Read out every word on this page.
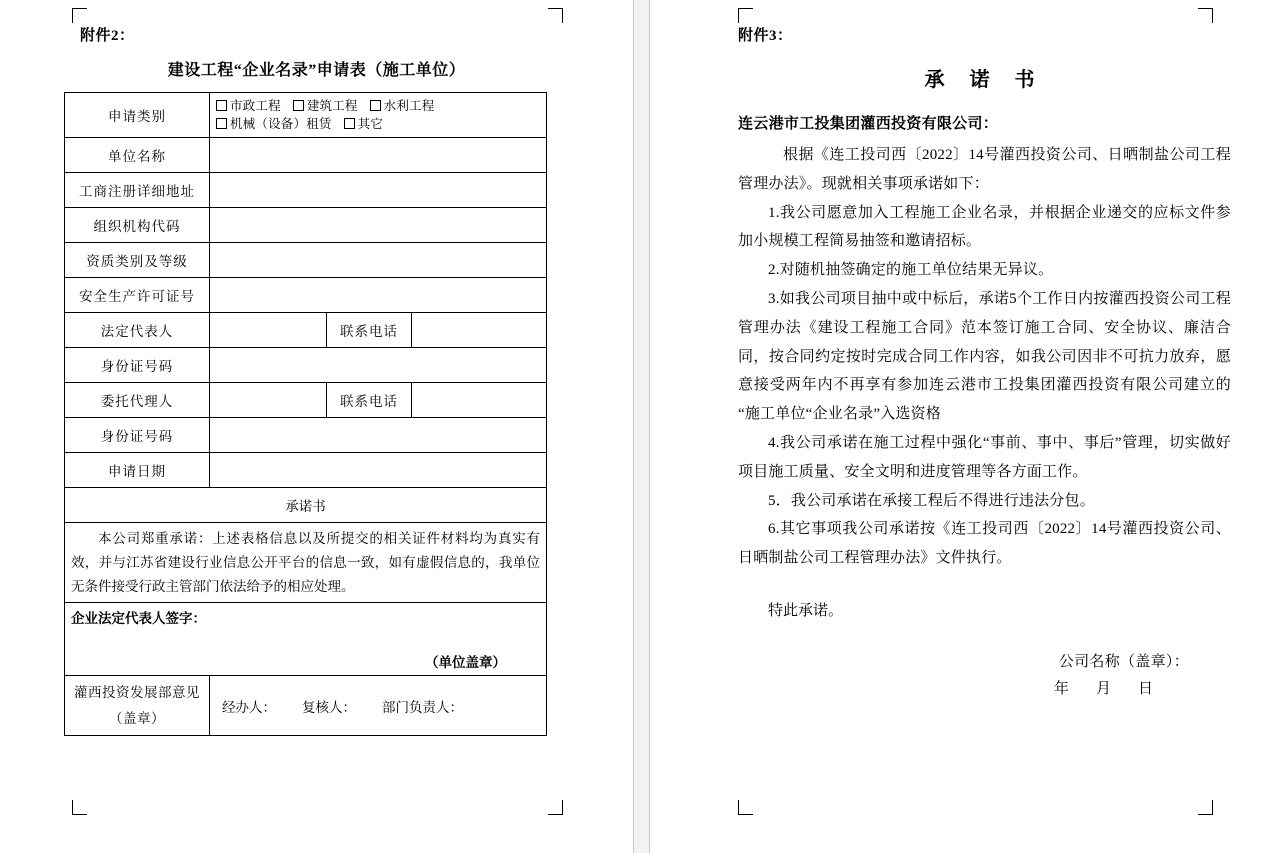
附件2：
建设工程“企业名录”申请表（施工单位）
申请类别	市政工程 建筑工程 水利工程
机械（设备）租赁 其它		

单位名称			
工商注册详细地址			
组织机构代码			
资质类别及等级			
安全生产许可证号			
法定代表人		联系电话	
身份证号码			
委托代理人		联系电话	
身份证号码			
申请日期			
承诺书			

本公司郑重承诺：上述表格信息以及所提交的相关证件材料均为真实有效，并与江苏省建设行业信息公开平台的信息一致，如有虚假信息的，我单位无条件接受行政主管部门依法给予的相应处理。			

企业法定代表人签字：
（单位盖章）			

灌西投资发展部意见（盖章）	经办人： 复核人： 部门负责人：		
附件3：
承 诺 书
连云港市工投集团灌西投资有限公司：

根据《连工投司西〔2022〕14号灌西投资公司、日晒制盐公司工程管理办法》。现就相关事项承诺如下：

1.我公司愿意加入工程施工企业名录，并根据企业递交的应标文件参加小规模工程简易抽签和邀请招标。

2.对随机抽签确定的施工单位结果无异议。

3.如我公司项目抽中或中标后，承诺5个工作日内按灌西投资公司工程管理办法《建设工程施工合同》范本签订施工合同、安全协议、廉洁合同，按合同约定按时完成合同工作内容，如我公司因非不可抗力放弃，愿意接受两年内不再享有参加连云港市工投集团灌西投资有限公司建立的“施工单位“企业名录”入选资格

4.我公司承诺在施工过程中强化“事前、事中、事后”管理，切实做好项目施工质量、安全文明和进度管理等各方面工作。

5．我公司承诺在承接工程后不得进行违法分包。

6.其它事项我公司承诺按《连工投司西〔2022〕14号灌西投资公司、日晒制盐公司工程管理办法》文件执行。

特此承诺。
公司名称（盖章）：
年　月　日
